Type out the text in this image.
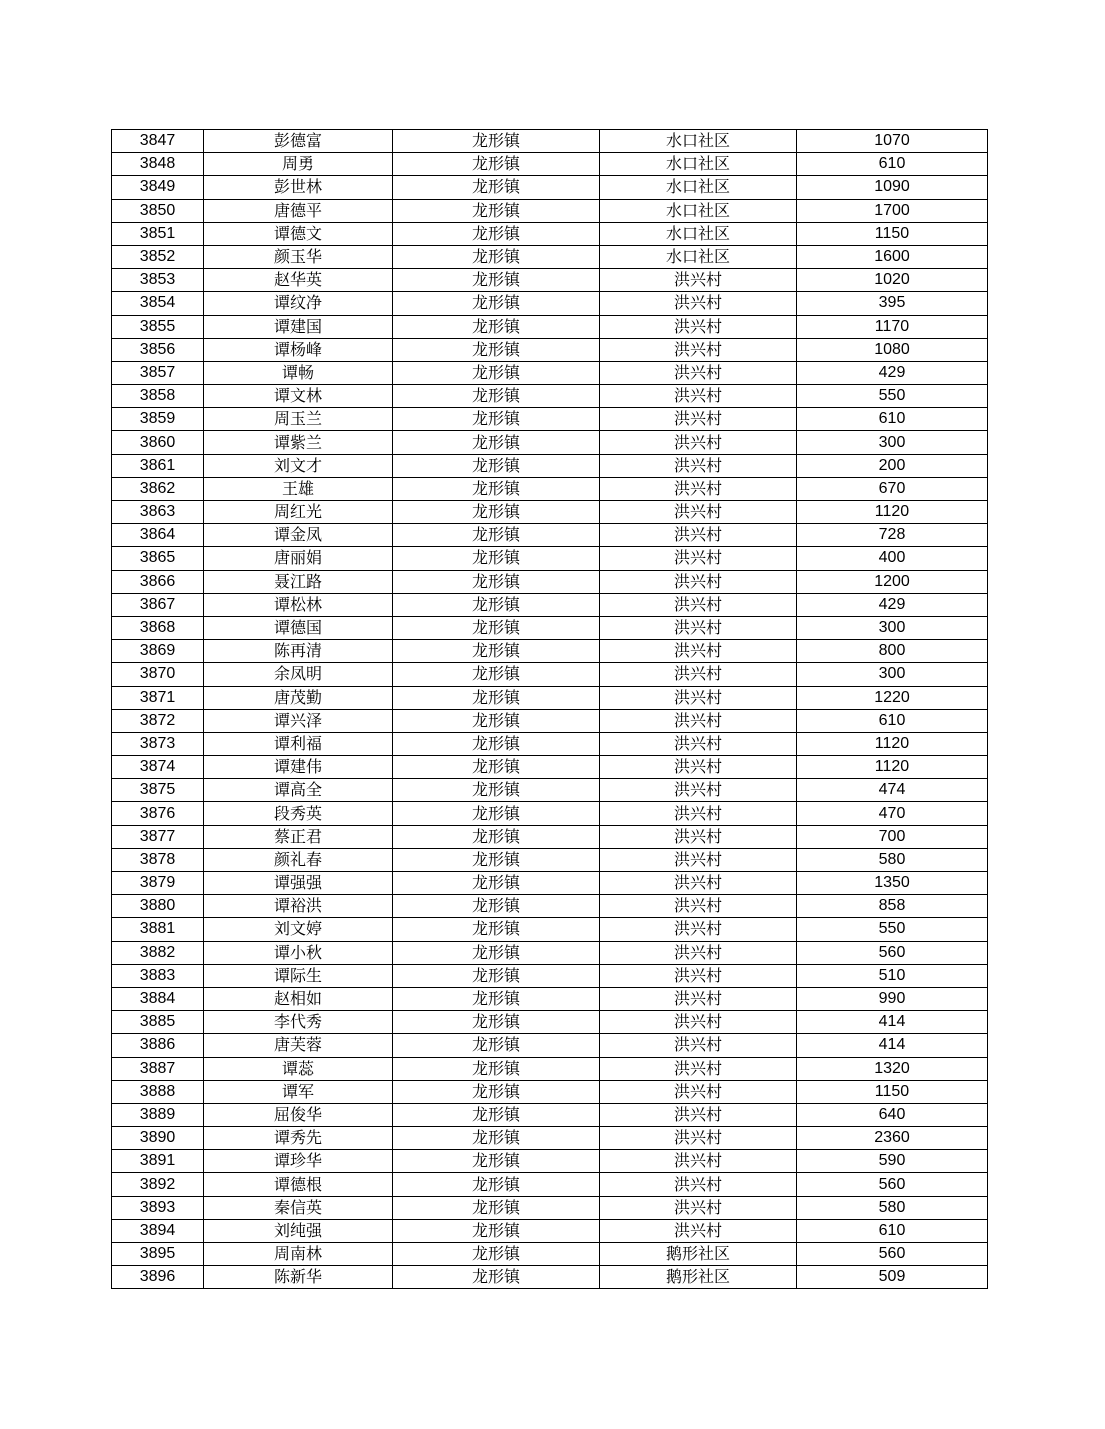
3847	彭德富	龙形镇	水口社区	1070
3848	周勇	龙形镇	水口社区	610
3849	彭世林	龙形镇	水口社区	1090
3850	唐德平	龙形镇	水口社区	1700
3851	谭德文	龙形镇	水口社区	1150
3852	颜玉华	龙形镇	水口社区	1600
3853	赵华英	龙形镇	洪兴村	1020
3854	谭纹净	龙形镇	洪兴村	395
3855	谭建国	龙形镇	洪兴村	1170
3856	谭杨峰	龙形镇	洪兴村	1080
3857	谭畅	龙形镇	洪兴村	429
3858	谭文林	龙形镇	洪兴村	550
3859	周玉兰	龙形镇	洪兴村	610
3860	谭紫兰	龙形镇	洪兴村	300
3861	刘文才	龙形镇	洪兴村	200
3862	王雄	龙形镇	洪兴村	670
3863	周红光	龙形镇	洪兴村	1120
3864	谭金凤	龙形镇	洪兴村	728
3865	唐丽娟	龙形镇	洪兴村	400
3866	聂江路	龙形镇	洪兴村	1200
3867	谭松林	龙形镇	洪兴村	429
3868	谭德国	龙形镇	洪兴村	300
3869	陈再清	龙形镇	洪兴村	800
3870	余凤明	龙形镇	洪兴村	300
3871	唐茂勤	龙形镇	洪兴村	1220
3872	谭兴泽	龙形镇	洪兴村	610
3873	谭利福	龙形镇	洪兴村	1120
3874	谭建伟	龙形镇	洪兴村	1120
3875	谭高全	龙形镇	洪兴村	474
3876	段秀英	龙形镇	洪兴村	470
3877	蔡正君	龙形镇	洪兴村	700
3878	颜礼春	龙形镇	洪兴村	580
3879	谭强强	龙形镇	洪兴村	1350
3880	谭裕洪	龙形镇	洪兴村	858
3881	刘文婷	龙形镇	洪兴村	550
3882	谭小秋	龙形镇	洪兴村	560
3883	谭际生	龙形镇	洪兴村	510
3884	赵相如	龙形镇	洪兴村	990
3885	李代秀	龙形镇	洪兴村	414
3886	唐芙蓉	龙形镇	洪兴村	414
3887	谭蕊	龙形镇	洪兴村	1320
3888	谭军	龙形镇	洪兴村	1150
3889	屈俊华	龙形镇	洪兴村	640
3890	谭秀先	龙形镇	洪兴村	2360
3891	谭珍华	龙形镇	洪兴村	590
3892	谭德根	龙形镇	洪兴村	560
3893	秦信英	龙形镇	洪兴村	580
3894	刘纯强	龙形镇	洪兴村	610
3895	周南林	龙形镇	鹅形社区	560
3896	陈新华	龙形镇	鹅形社区	509
